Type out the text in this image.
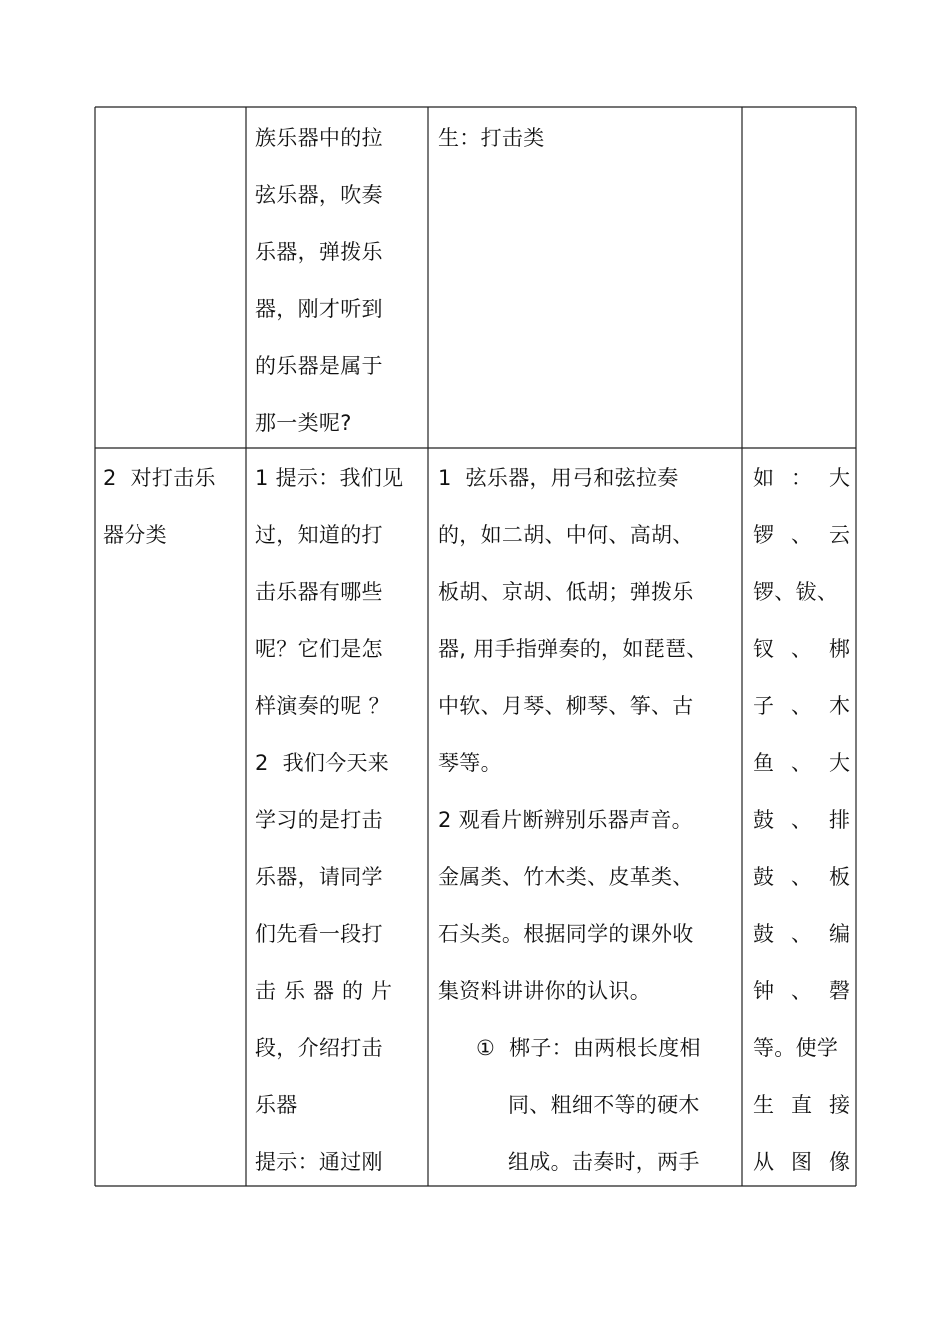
族乐器中的拉
弦乐器，吹奏
乐器，弹拨乐
器，刚才听到
的乐器是属于
那一类呢?
生：打击类
2  对打击乐
器分类
1 提示：我们见
过，知道的打
击乐器有哪些
呢？它们是怎
样演奏的呢 ？
2  我们今天来
学习的是打击
乐器，请同学
们先看一段打
击乐器的片
段，介绍打击
乐器
提示：通过刚
1  弦乐器，用弓和弦拉奏
的，如二胡、中何、高胡、
板胡、京胡、低胡；弹拨乐
器, 用手指弹奏的，如琵琶、
中软、月琴、柳琴、筝、古
琴等。
2 观看片断辨别乐器声音。
金属类、竹木类、皮革类、
石头类。根据同学的课外收
集资料讲讲你的认识。
①  梆子：由两根长度相
同、粗细不等的硬木
组成。击奏时，两手
如：大
锣、云
锣、钹、
钗、梆
子、木
鱼、大
鼓、排
鼓、板
鼓、编
钟、磬
等。使学
生直接
从图像
